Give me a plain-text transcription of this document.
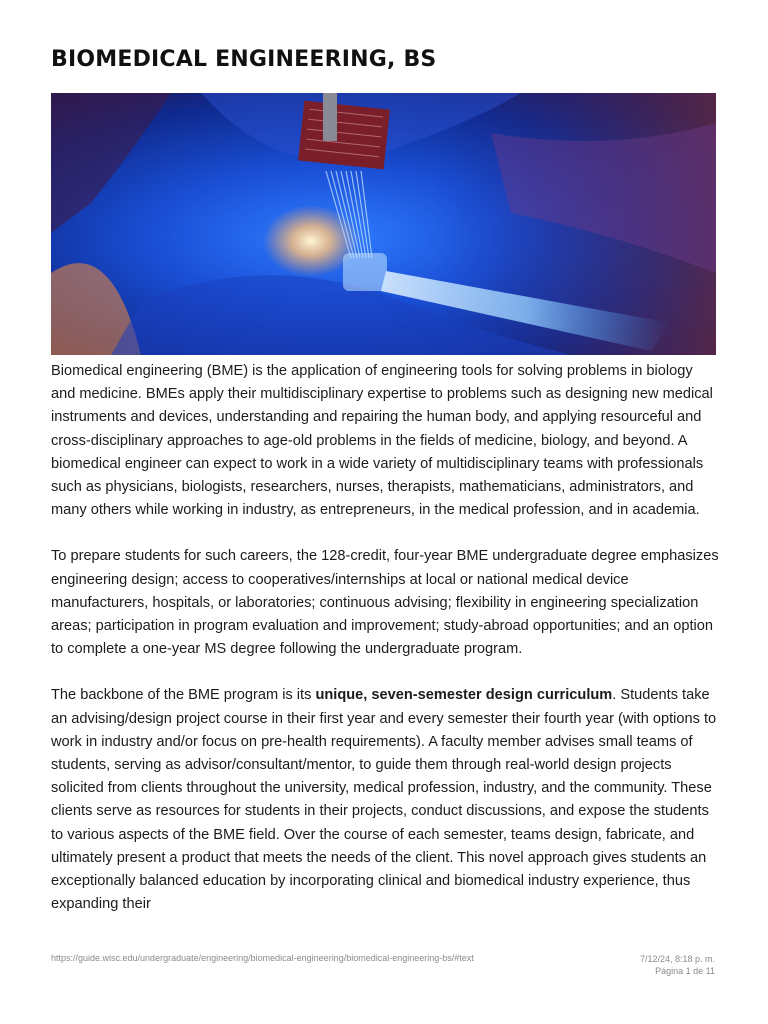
BIOMEDICAL ENGINEERING, BS

Biomedical engineering (BME) is the application of engineering tools for solving problems in biology and medicine. BMEs apply their multidisciplinary expertise to problems such as designing new medical instruments and devices, understanding and repairing the human body, and applying resourceful and cross-disciplinary approaches to age-old problems in the fields of medicine, biology, and beyond. A biomedical engineer can expect to work in a wide variety of multidisciplinary teams with professionals such as physicians, biologists, researchers, nurses, therapists, mathematicians, administrators, and many others while working in industry, as entrepreneurs, in the medical profession, and in academia.

To prepare students for such careers, the 128-credit, four-year BME undergraduate degree emphasizes engineering design; access to cooperatives/internships at local or national medical device manufacturers, hospitals, or laboratories; continuous advising; flexibility in engineering specialization areas; participation in program evaluation and improvement; study-abroad opportunities; and an option to complete a one-year MS degree following the undergraduate program.

The backbone of the BME program is its unique, seven-semester design curriculum. Students take an advising/design project course in their first year and every semester their fourth year (with options to work in industry and/or focus on pre-health requirements). A faculty member advises small teams of students, serving as advisor/consultant/mentor, to guide them through real-world design projects solicited from clients throughout the university, medical profession, industry, and the community. These clients serve as resources for students in their projects, conduct discussions, and expose the students to various aspects of the BME field. Over the course of each semester, teams design, fabricate, and ultimately present a product that meets the needs of the client. This novel approach gives students an exceptionally balanced education by incorporating clinical and biomedical industry experience, thus expanding their

https://guide.wisc.edu/undergraduate/engineering/biomedical-engineering/biomedical-engineering-bs/#text	7/12/24, 8:18 p. m.
Página 1 de 11
